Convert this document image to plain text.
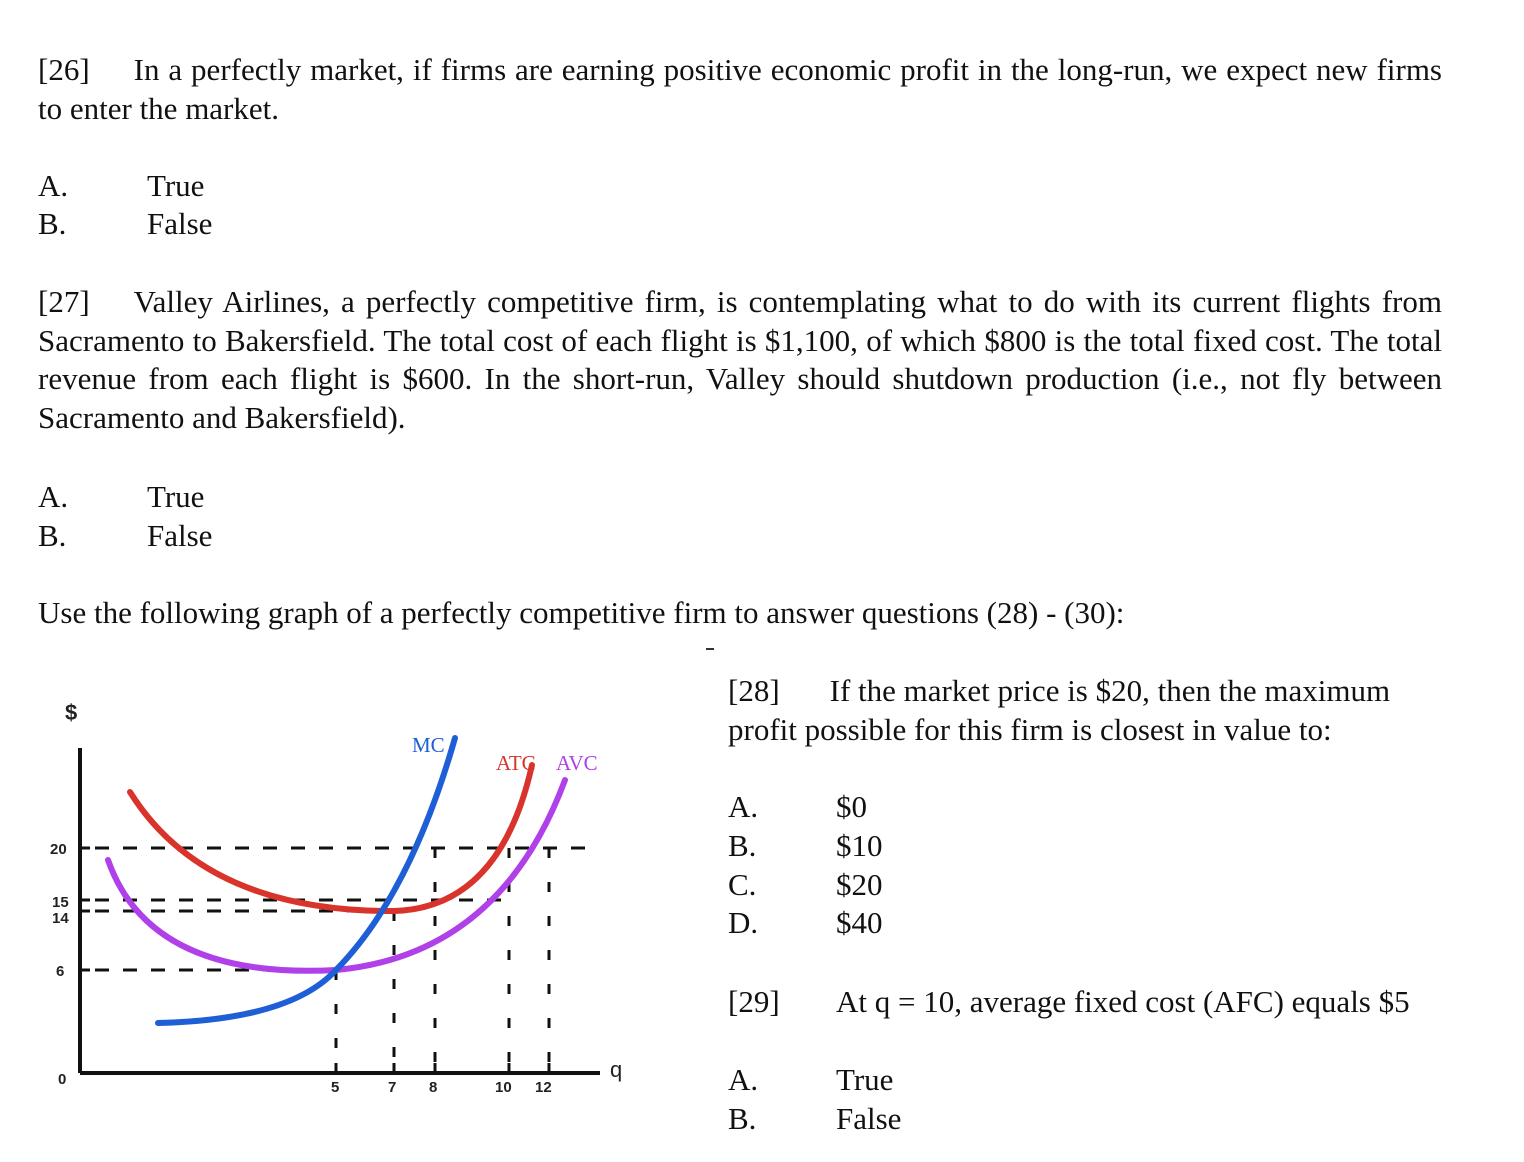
[26] In a perfectly market, if firms are earning positive economic profit in the long-run, we expect new firms to enter the market.
A.	True
B.	False
[27] Valley Airlines, a perfectly competitive firm, is contemplating what to do with its current flights from Sacramento to Bakersfield. The total cost of each flight is $1,100, of which $800 is the total fixed cost. The total revenue from each flight is $600. In the short-run, Valley should shutdown production (i.e., not fly between Sacramento and Bakersfield).
A.	True
B.	False
Use the following graph of a perfectly competitive firm to answer questions (28) - (30):
$
q
20
15
14
6
0	5	7 8	10 12
MC
ATC AVC
[28] If the market price is $20, then the maximum
profit possible for this firm is closest in value to:
A.	$0
B.	$10
C.	$20
D.	$40
[29] At q = 10, average fixed cost (AFC) equals $5
A.	True
B.	False
